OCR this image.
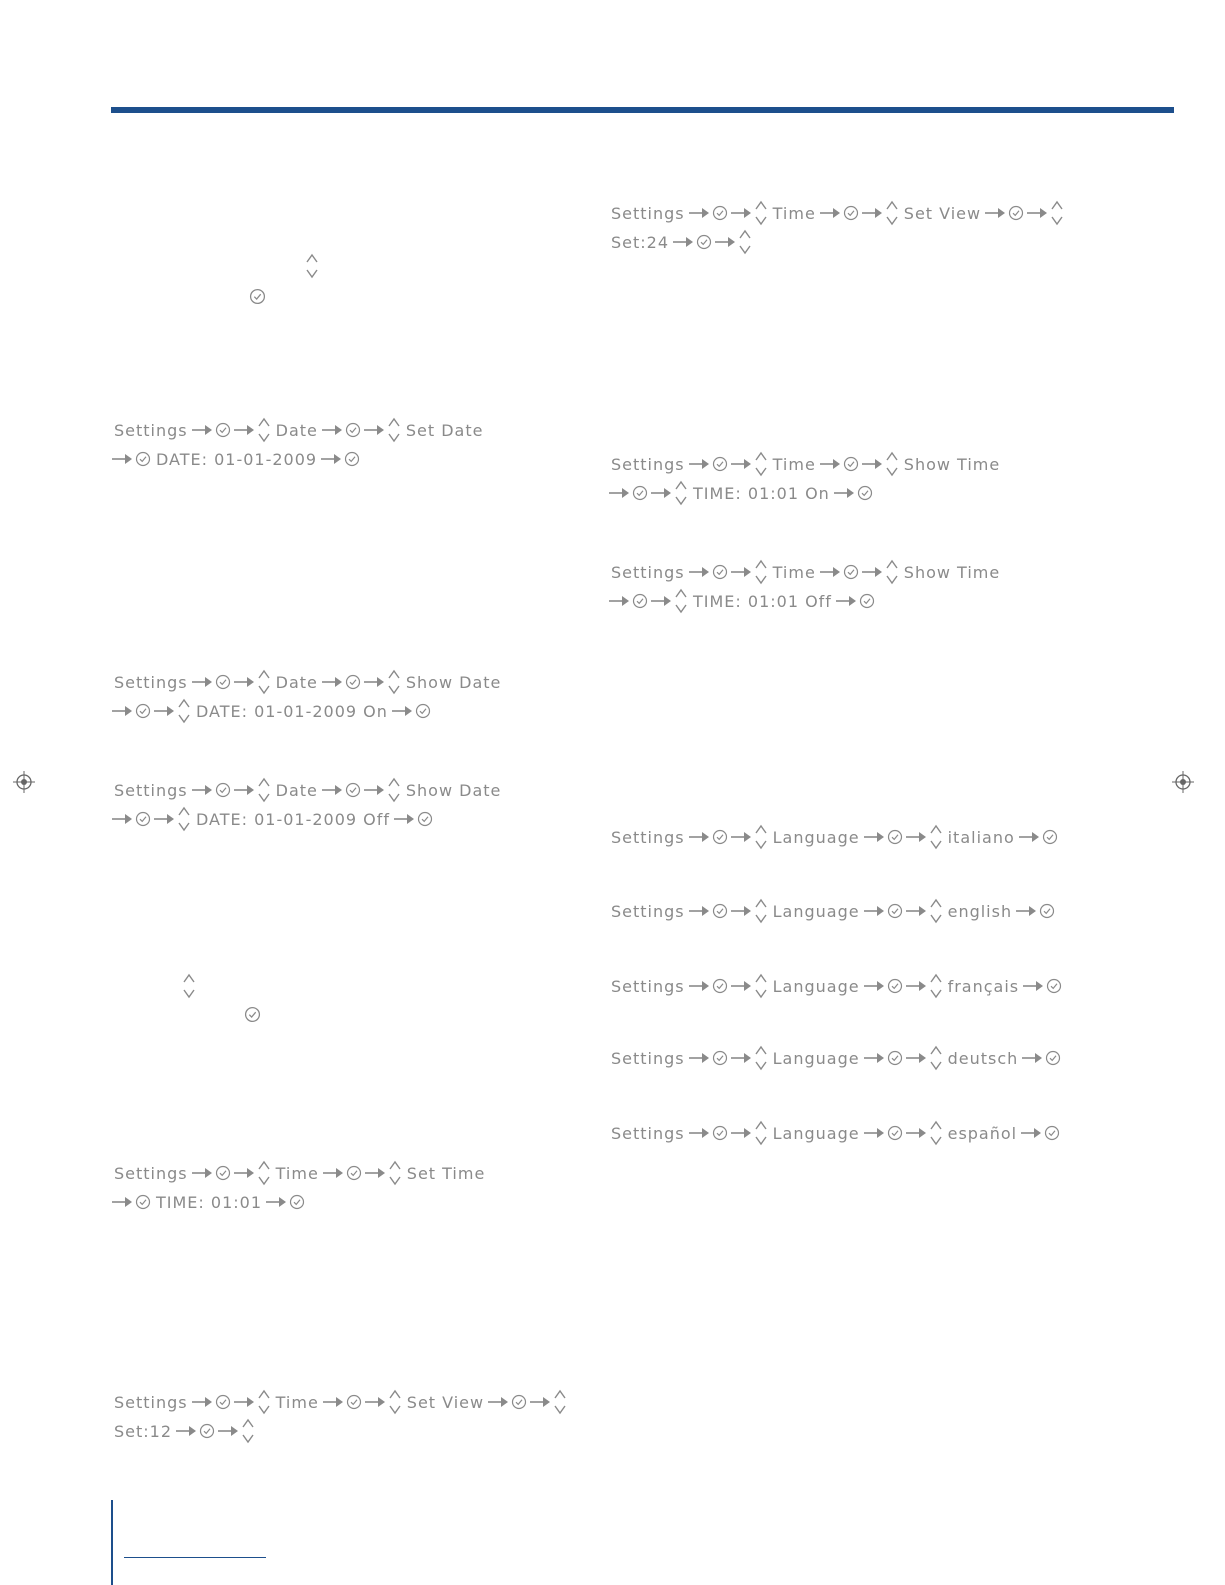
Settings	Date	Set Date
DATE: 01-01-2009
Settings	Date	Show Date
DATE: 01-01-2009 On
Settings	Date	Show Date
DATE: 01-01-2009 Off
Settings	Time	Set Time
TIME: 01:01
Settings	Time	Set View
Set:12
Settings	Time	Set View
Set:24
Settings	Time	Show Time
TIME: 01:01 On
Settings	Time	Show Time
TIME: 01:01 Off
Settings	Language	italiano
Settings	Language	english
Settings	Language	français
Settings	Language	deutsch
Settings	Language	español
